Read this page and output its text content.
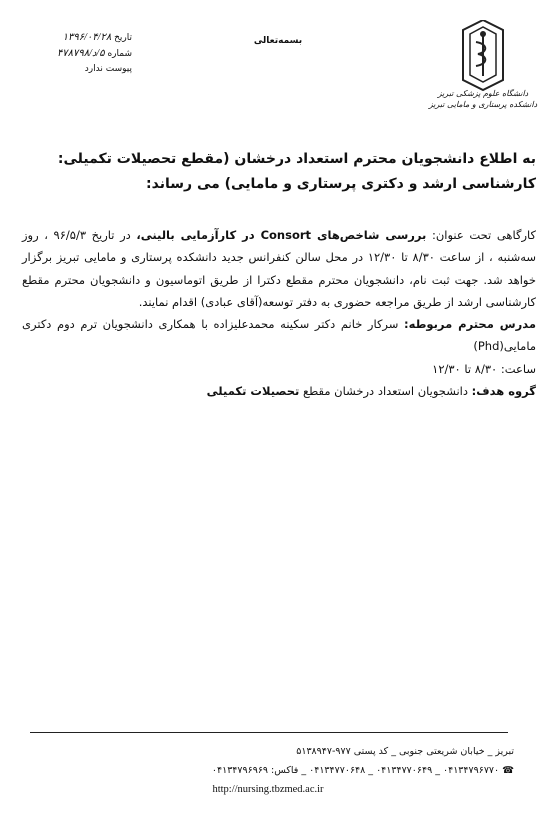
تاریخ ۱۳۹۶/۰۴/۲۸
شماره ۵/د/۴۷۸۷۹۸
پیوست ندارد
بسمه‌تعالی
دانشگاه علوم پزشکی تبریز
دانشکده پرستاری و مامایی تبریز
به اطلاع دانشجویان محترم استعداد درخشان (مقطع تحصیلات تکمیلی: کارشناسی ارشد و دکتری پرستاری و مامایی) می رساند:

کارگاهی تحت عنوان: بررسی شاخص‌های Consort در کارآزمایی بالینی، در تاریخ ۹۶/۵/۳ ، روز سه‌شنبه ، از ساعت ۸/۳۰ تا ۱۲/۳۰ در محل سالن کنفرانس جدید دانشکده پرستاری و مامایی تبریز برگزار خواهد شد. جهت ثبت نام، دانشجویان محترم مقطع دکترا از طریق اتوماسیون و دانشجویان محترم مقطع کارشناسی ارشد از طریق مراجعه حضوری به دفتر توسعه(آقای عبادی) اقدام نمایند.

مدرس محترم مربوطه: سرکار خانم دکتر سکینه محمدعلیزاده با همکاری دانشجویان ترم دوم دکتری مامایی(Phd)

ساعت: ۸/۳۰ تا ۱۲/۳۰

گروه هدف: دانشجویان استعداد درخشان مقطع تحصیلات تکمیلی

تبریز _ خیابان شریعتی جنوبی _ کد پستی ۹۷۷-۵۱۳۸۹۴۷
☎ ۰۴۱۳۴۷۹۶۷۷۰ _ ۰۴۱۳۴۷۷۰۶۴۹ _ ۰۴۱۳۴۷۷۰۶۴۸ _ فاکس: ۰۴۱۳۴۷۹۶۹۶۹
http://nursing.tbzmed.ac.ir
